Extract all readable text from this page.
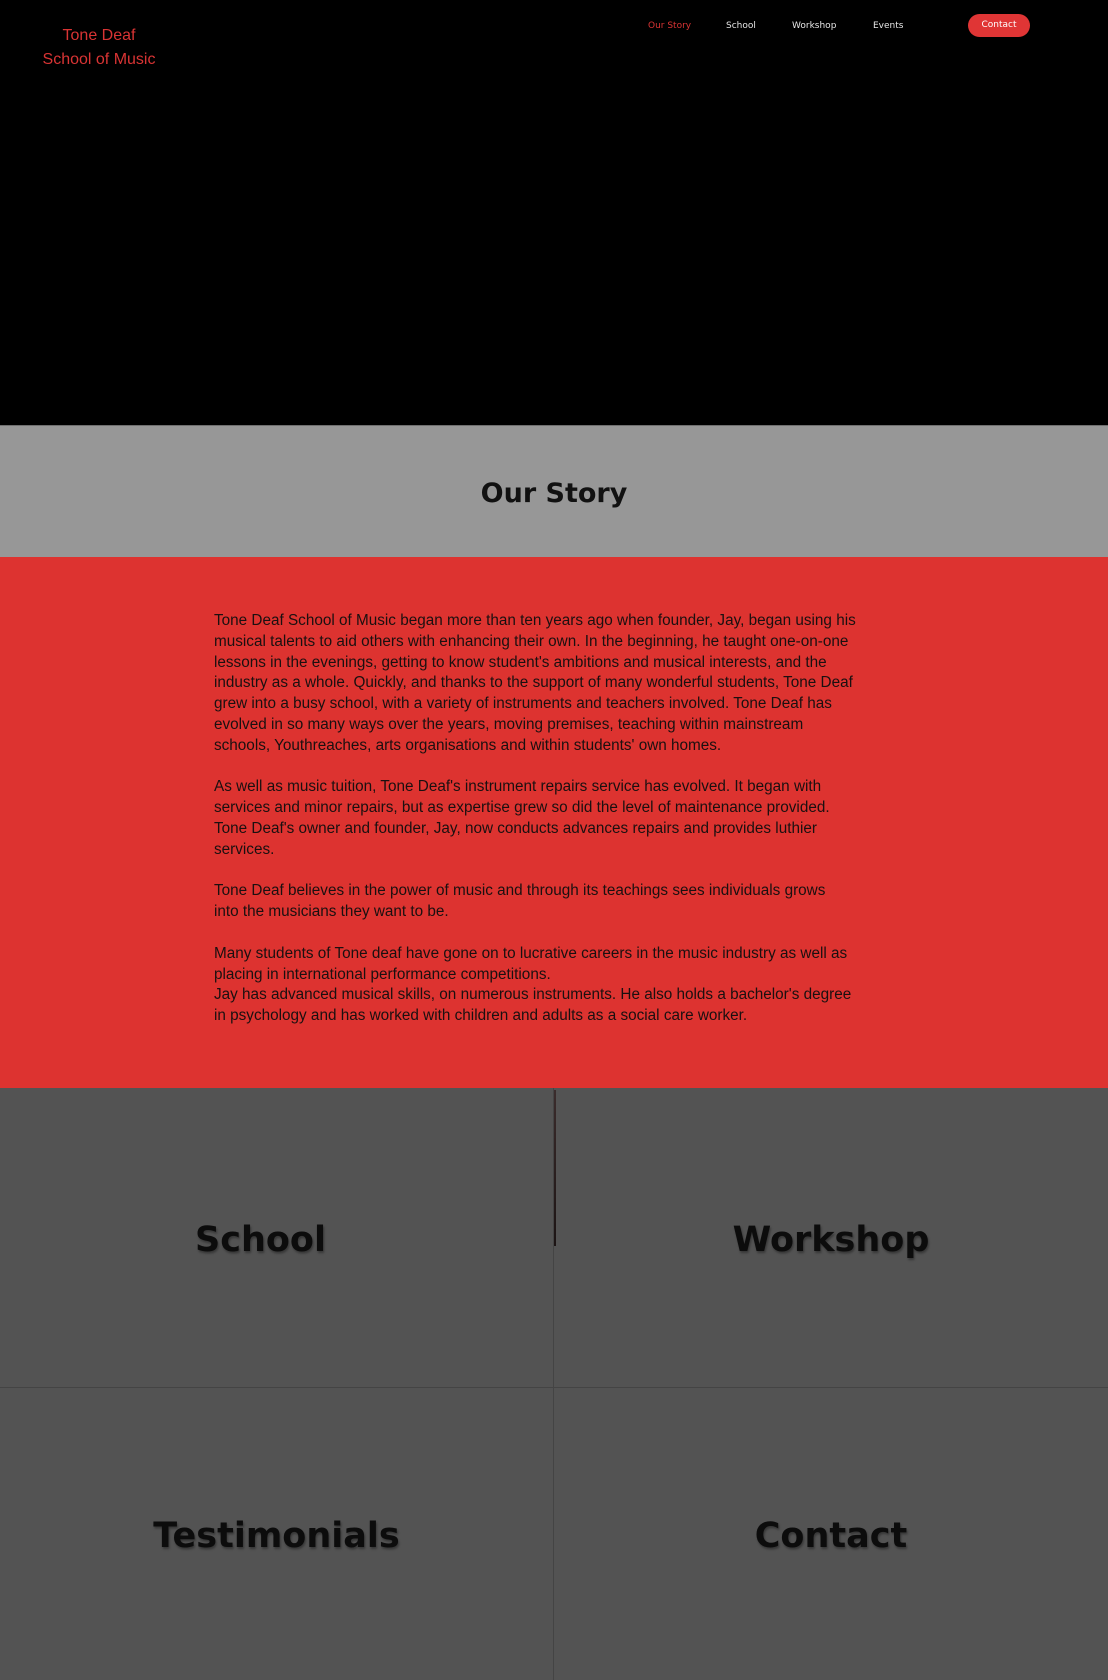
Tone Deaf
School of Music
Our Story	School	Workshop	Events	Contact
Our Story

Tone Deaf School of Music began more than ten years ago when founder, Jay, began using his
musical talents to aid others with enhancing their own. In the beginning, he taught one-on-one
lessons in the evenings, getting to know student's ambitions and musical interests, and the
industry as a whole. Quickly, and thanks to the support of many wonderful students, Tone Deaf
grew into a busy school, with a variety of instruments and teachers involved. Tone Deaf has
evolved in so many ways over the years, moving premises, teaching within mainstream
schools, Youthreaches, arts organisations and within students' own homes.

As well as music tuition, Tone Deaf's instrument repairs service has evolved. It began with
services and minor repairs, but as expertise grew so did the level of maintenance provided.
Tone Deaf's owner and founder, Jay, now conducts advances repairs and provides luthier
services.

Tone Deaf believes in the power of music and through its teachings sees individuals grows
into the musicians they want to be.

Many students of Tone deaf have gone on to lucrative careers in the music industry as well as
placing in international performance competitions.
Jay has advanced musical skills, on numerous instruments. He also holds a bachelor's degree
in psychology and has worked with children and adults as a social care worker.

School	Workshop
Testimonials	Contact
